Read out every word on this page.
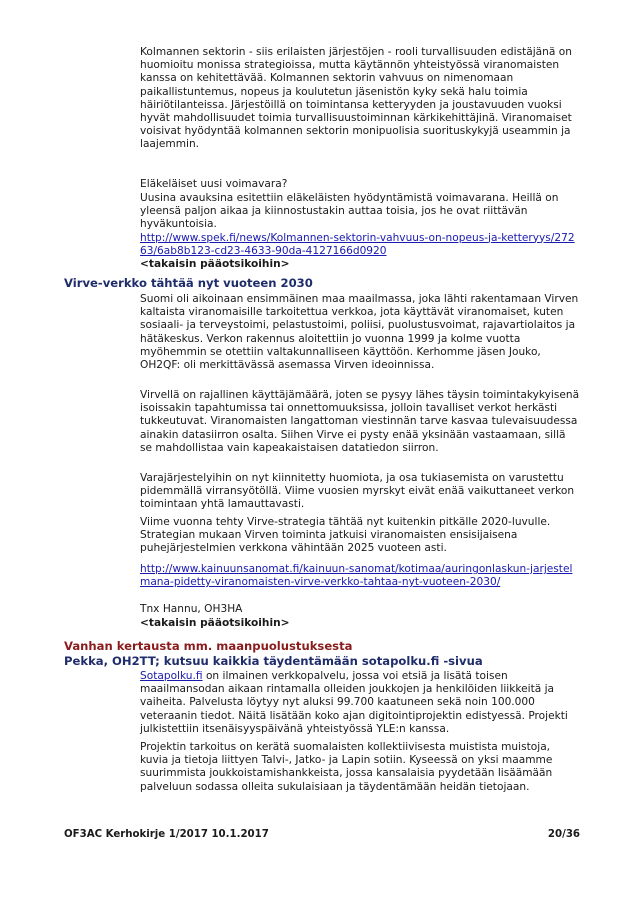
Kolmannen sektorin - siis erilaisten järjestöjen - rooli turvallisuuden edistäjänä on huomioitu monissa strategioissa, mutta käytännön yhteistyössä viranomaisten kanssa on kehitettävää. Kolmannen sektorin vahvuus on nimenomaan paikallistuntemus, nopeus ja koulutetun jäsenistön kyky sekä halu toimia häiriötilanteissa. Järjestöillä on toimintansa ketteryyden ja joustavuuden vuoksi hyvät mahdollisuudet toimia turvallisuustoiminnan kärkikehittäjinä. Viranomaiset voisivat hyödyntää kolmannen sektorin monipuolisia suorituskykyjä useammin ja laajemmin.

Eläkeläiset uusi voimavara?

Uusina avauksina esitettiin eläkeläisten hyödyntämistä voimavarana. Heillä on yleensä paljon aikaa ja kiinnostustakin auttaa toisia, jos he ovat riittävän hyväkuntoisia.

http://www.spek.fi/news/Kolmannen-sektorin-vahvuus-on-nopeus-ja-ketteryys/27263/6ab8b123-cd23-4633-90da-4127166d0920
<takaisin pääotsikoihin>
Virve-verkko tähtää nyt vuoteen 2030

Suomi oli aikoinaan ensimmäinen maa maailmassa, joka lähti rakentamaan Virven kaltaista viranomaisille tarkoitettua verkkoa, jota käyttävät viranomaiset, kuten sosiaali- ja terveystoimi, pelastustoimi, poliisi, puolustusvoimat, rajavartiolaitos ja hätäkeskus. Verkon rakennus aloitettiin jo vuonna 1999 ja kolme vuotta myöhemmin se otettiin valtakunnalliseen käyttöön. Kerhomme jäsen Jouko, OH2QF: oli merkittävässä asemassa Virven ideoinnissa.

Virvellä on rajallinen käyttäjämäärä, joten se pysyy lähes täysin toimintakykyisenä isoissakin tapahtumissa tai onnettomuuksissa, jolloin tavalliset verkot herkästi tukkeutuvat. Viranomaisten langattoman viestinnän tarve kasvaa tulevaisuudessa ainakin datasiirron osalta. Siihen Virve ei pysty enää yksinään vastaamaan, sillä se mahdollistaa vain kapeakaistaisen datatiedon siirron.

Varajärjestelyihin on nyt kiinnitetty huomiota, ja osa tukiasemista on varustettu pidemmällä virransyötöllä. Viime vuosien myrskyt eivät enää vaikuttaneet verkon toimintaan yhtä lamauttavasti.

Viime vuonna tehty Virve-strategia tähtää nyt kuitenkin pitkälle 2020-luvulle. Strategian mukaan Virven toiminta jatkuisi viranomaisten ensisijaisena puhejärjestelmien verkkona vähintään 2025 vuoteen asti.

http://www.kainuunsanomat.fi/kainuun-sanomat/kotimaa/auringonlaskun-jarjestelmana-pidetty-viranomaisten-virve-verkko-tahtaa-nyt-vuoteen-2030/

Tnx Hannu, OH3HA

<takaisin pääotsikoihin>

Vanhan kertausta mm. maanpuolustuksesta
Pekka, OH2TT; kutsuu kaikkia täydentämään sotapolku.fi -sivua

Sotapolku.fi on ilmainen verkkopalvelu, jossa voi etsiä ja lisätä toisen maailmansodan aikaan rintamalla olleiden joukkojen ja henkilöiden liikkeitä ja vaiheita. Palvelusta löytyy nyt aluksi 99.700 kaatuneen sekä noin 100.000 veteraanin tiedot. Näitä lisätään koko ajan digitointiprojektin edistyessä. Projekti julkistettiin itsenäisyyspäivänä yhteistyössä YLE:n kanssa.

Projektin tarkoitus on kerätä suomalaisten kollektiivisesta muistista muistoja, kuvia ja tietoja liittyen Talvi-, Jatko- ja Lapin sotiin. Kyseessä on yksi maamme suurimmista joukkoistamishankkeista, jossa kansalaisia pyydetään lisäämään palveluun sodassa olleita sukulaisiaan ja täydentämään heidän tietojaan.

OF3AC Kerhokirje 1/2017 10.1.2017	20/36
